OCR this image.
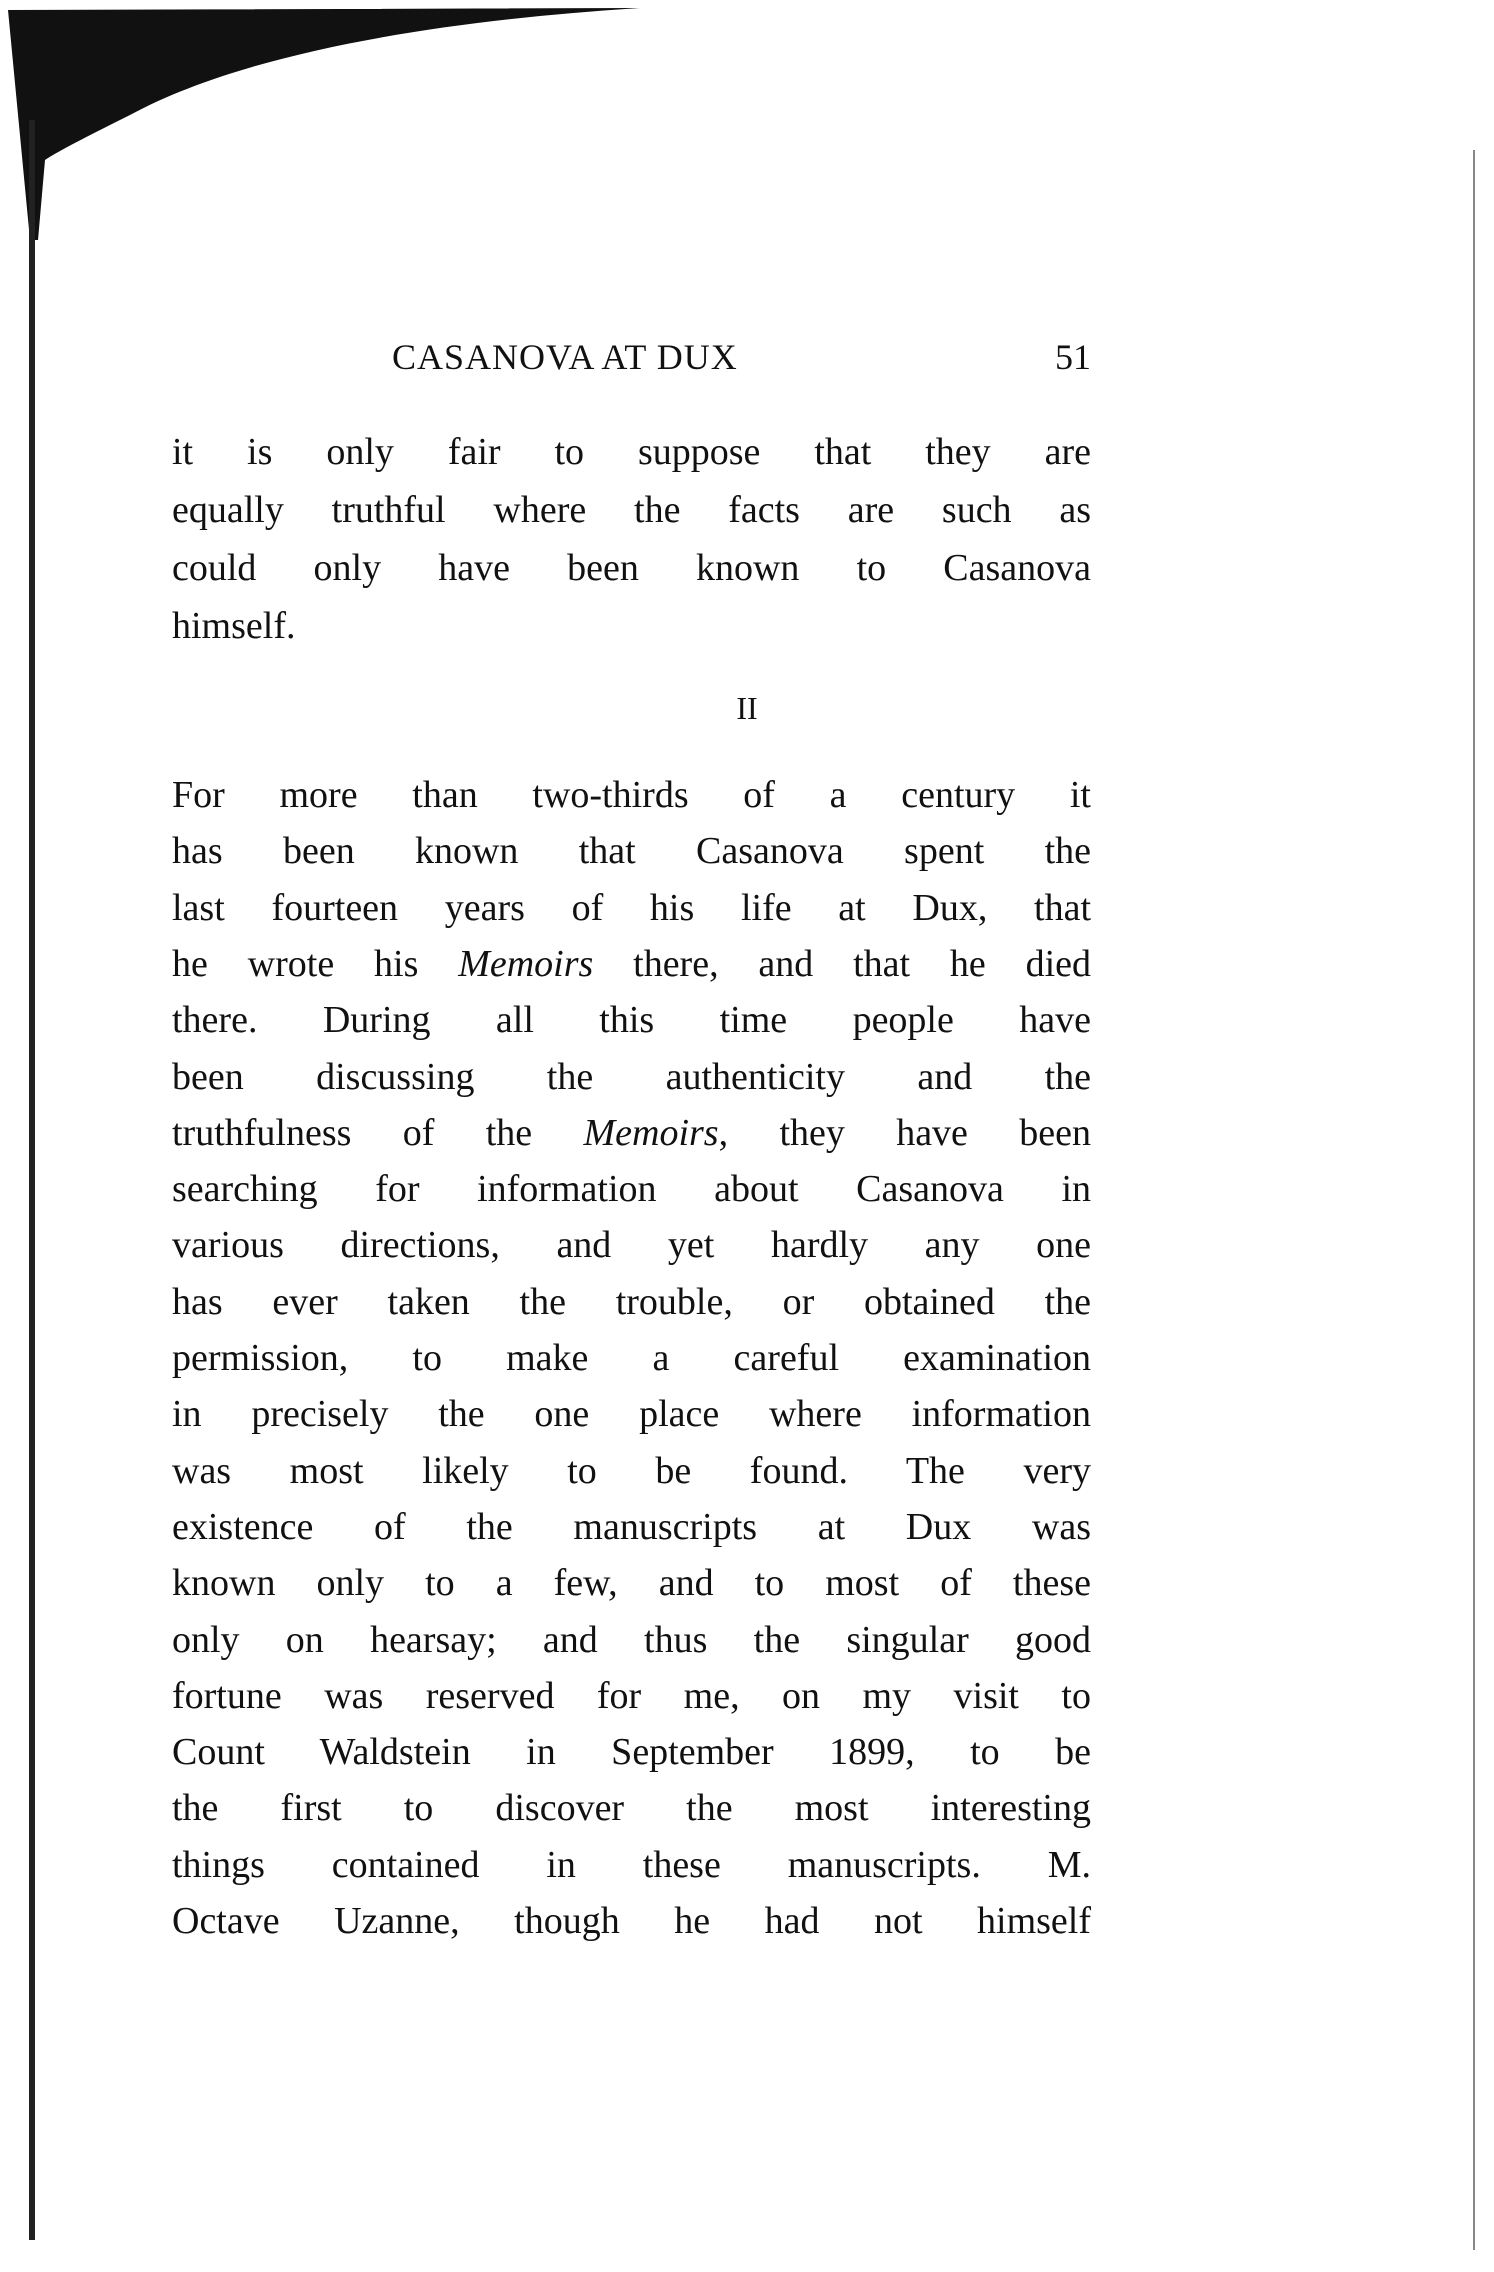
CASANOVA AT DUX	51
it is only fair to suppose that they are
equally truthful where the facts are such as
could only have been known to Casanova
himself.
II
For more than two-thirds of a century it
has been known that Casanova spent the
last fourteen years of his life at Dux, that
he wrote his Memoirs there, and that he died
there. During all this time people have
been discussing the authenticity and the
truthfulness of the Memoirs, they have been
searching for information about Casanova in
various directions, and yet hardly any one
has ever taken the trouble, or obtained the
permission, to make a careful examination
in precisely the one place where information
was most likely to be found. The very
existence of the manuscripts at Dux was
known only to a few, and to most of these
only on hearsay; and thus the singular good
fortune was reserved for me, on my visit to
Count Waldstein in September 1899, to be
the first to discover the most interesting
things contained in these manuscripts. M.
Octave Uzanne, though he had not himself
